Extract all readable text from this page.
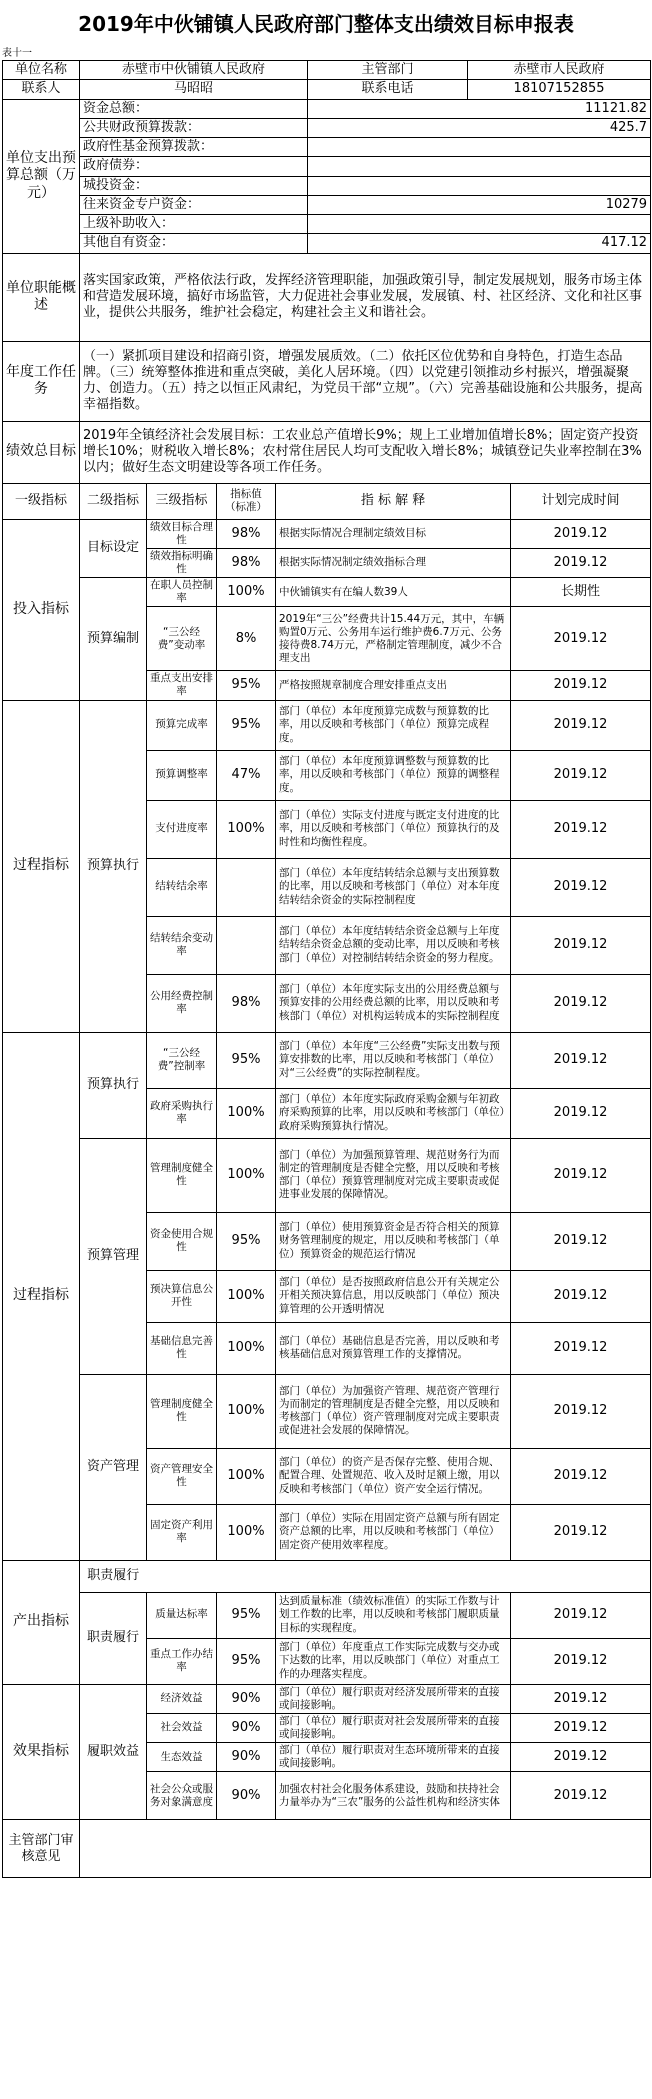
2019年中伙铺镇人民政府部门整体支出绩效目标申报表
表十一
单位名称	赤壁市中伙铺镇人民政府				主管部门	赤壁市人民政府	
联系人	马昭昭				联系电话	18107152855	
单位支出预算总额（万元）	资金总额：				11121.82		
	公共财政预算拨款：				425.7		
	政府性基金预算拨款：						
	政府债券：						
	城投资金：						
	往来资金专户资金：				10279		
	上级补助收入：						
	其他自有资金：				417.12		
单位职能概述	落实国家政策，严格依法行政，发挥经济管理职能，加强政策引导，制定发展规划，服务市场主体和营造发展环境，搞好市场监管，大力促进社会事业发展，发展镇、村、社区经济、文化和社区事业，提供公共服务，维护社会稳定，构建社会主义和谐社会。						
年度工作任务	（一）紧抓项目建设和招商引资，增强发展质效。（二）依托区位优势和自身特色，打造生态品牌。（三）统筹整体推进和重点突破，美化人居环境。（四）以党建引领推动乡村振兴，增强凝聚力、创造力。（五）持之以恒正风肃纪，为党员干部“立规”。（六）完善基础设施和公共服务，提高幸福指数。						
绩效总目标	2019年全镇经济社会发展目标：工农业总产值增长9%；规上工业增加值增长8%；固定资产投资增长10%；财税收入增长8%；农村常住居民人均可支配收入增长8%；城镇登记失业率控制在3%以内；做好生态文明建设等各项工作任务。						
一级指标	二级指标	三级指标	指标值（标准）	指 标 解 释			计划完成时间
投入指标	目标设定	绩效目标合理性	98%	根据实际情况合理制定绩效目标			2019.12
		绩效指标明确性	98%	根据实际情况制定绩效指标合理			2019.12
	预算编制	在职人员控制率	100%	中伙铺镇实有在编人数39人			长期性
		“三公经费”变动率	8%	2019年“三公”经费共计15.44万元，其中，车辆购置0万元、公务用车运行维护费6.7万元、公务接待费8.74万元，严格制定管理制度，减少不合理支出			2019.12
		重点支出安排率	95%	严格按照规章制度合理安排重点支出			2019.12
过程指标	预算执行	预算完成率	95%	部门（单位）本年度预算完成数与预算数的比率，用以反映和考核部门（单位）预算完成程度。			2019.12
		预算调整率	47%	部门（单位）本年度预算调整数与预算数的比率，用以反映和考核部门（单位）预算的调整程度。			2019.12
		支付进度率	100%	部门（单位）实际支付进度与既定支付进度的比率，用以反映和考核部门（单位）预算执行的及时性和均衡性程度。			2019.12
		结转结余率		部门（单位）本年度结转结余总额与支出预算数的比率，用以反映和考核部门（单位）对本年度结转结余资金的实际控制程度			2019.12
		结转结余变动率		部门（单位）本年度结转结余资金总额与上年度结转结余资金总额的变动比率，用以反映和考核部门（单位）对控制结转结余资金的努力程度。			2019.12
		公用经费控制率	98%	部门（单位）本年度实际支出的公用经费总额与预算安排的公用经费总额的比率，用以反映和考核部门（单位）对机构运转成本的实际控制程度			2019.12
过程指标	预算执行	“三公经费”控制率	95%	部门（单位）本年度“三公经费”实际支出数与预算安排数的比率，用以反映和考核部门（单位）对“三公经费”的实际控制程度。			2019.12
		政府采购执行率	100%	部门（单位）本年度实际政府采购金额与年初政府采购预算的比率，用以反映和考核部门（单位）政府采购预算执行情况。			2019.12
	预算管理	管理制度健全性	100%	部门（单位）为加强预算管理、规范财务行为而制定的管理制度是否健全完整，用以反映和考核部门（单位）预算管理制度对完成主要职责或促进事业发展的保障情况。			2019.12
		资金使用合规性	95%	部门（单位）使用预算资金是否符合相关的预算财务管理制度的规定，用以反映和考核部门（单位）预算资金的规范运行情况			2019.12
		预决算信息公开性	100%	部门（单位）是否按照政府信息公开有关规定公开相关预决算信息，用以反映部门（单位）预决算管理的公开透明情况			2019.12
		基础信息完善性	100%	部门（单位）基础信息是否完善，用以反映和考核基础信息对预算管理工作的支撑情况。			2019.12
	资产管理	管理制度健全性	100%	部门（单位）为加强资产管理、规范资产管理行为而制定的管理制度是否健全完整，用以反映和考核部门（单位）资产管理制度对完成主要职责或促进社会发展的保障情况。			2019.12
		资产管理安全性	100%	部门（单位）的资产是否保存完整、使用合规、配置合理、处置规范、收入及时足额上缴，用以反映和考核部门（单位）资产安全运行情况。			2019.12
		固定资产利用率	100%	部门（单位）实际在用固定资产总额与所有固定资产总额的比率，用以反映和考核部门（单位）固定资产使用效率程度。			2019.12
产出指标	职责履行						
	职责履行	质量达标率	95%	达到质量标准（绩效标准值）的实际工作数与计划工作数的比率，用以反映和考核部门履职质量目标的实现程度。			2019.12
		重点工作办结率	95%	部门（单位）年度重点工作实际完成数与交办或下达数的比率，用以反映部门（单位）对重点工作的办理落实程度。			2019.12
效果指标	履职效益	经济效益	90%	部门（单位）履行职责对经济发展所带来的直接或间接影响。			2019.12
		社会效益	90%	部门（单位）履行职责对社会发展所带来的直接或间接影响。			2019.12
		生态效益	90%	部门（单位）履行职责对生态环境所带来的直接或间接影响。			2019.12
		社会公众或服务对象满意度	90%	加强农村社会化服务体系建设，鼓励和扶持社会力量举办为“三农”服务的公益性机构和经济实体			2019.12
主管部门审核意见							
